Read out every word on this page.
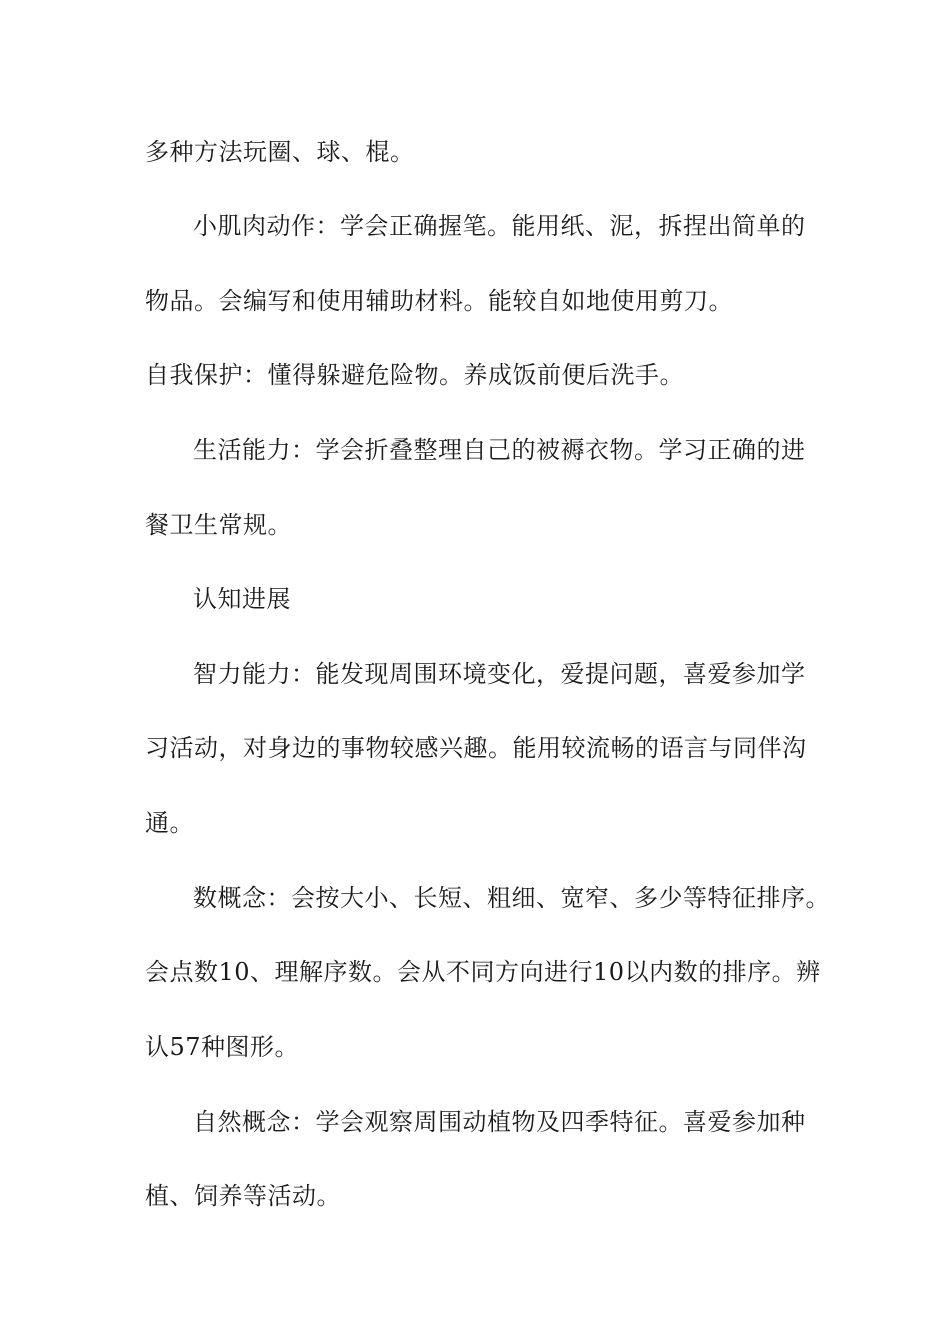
多种方法玩圈、球、棍。
小肌肉动作：学会正确握笔。能用纸、泥，拆捏出简单的
物品。会编写和使用辅助材料。能较自如地使用剪刀。
自我保护：懂得躲避危险物。养成饭前便后洗手。
生活能力：学会折叠整理自己的被褥衣物。学习正确的进
餐卫生常规。
认知进展
智力能力：能发现周围环境变化，爱提问题，喜爱参加学
习活动，对身边的事物较感兴趣。能用较流畅的语言与同伴沟
通。
数概念：会按大小、长短、粗细、宽窄、多少等特征排序。
会点数10、理解序数。会从不同方向进行10以内数的排序。辨
认57种图形。
自然概念：学会观察周围动植物及四季特征。喜爱参加种
植、饲养等活动。
